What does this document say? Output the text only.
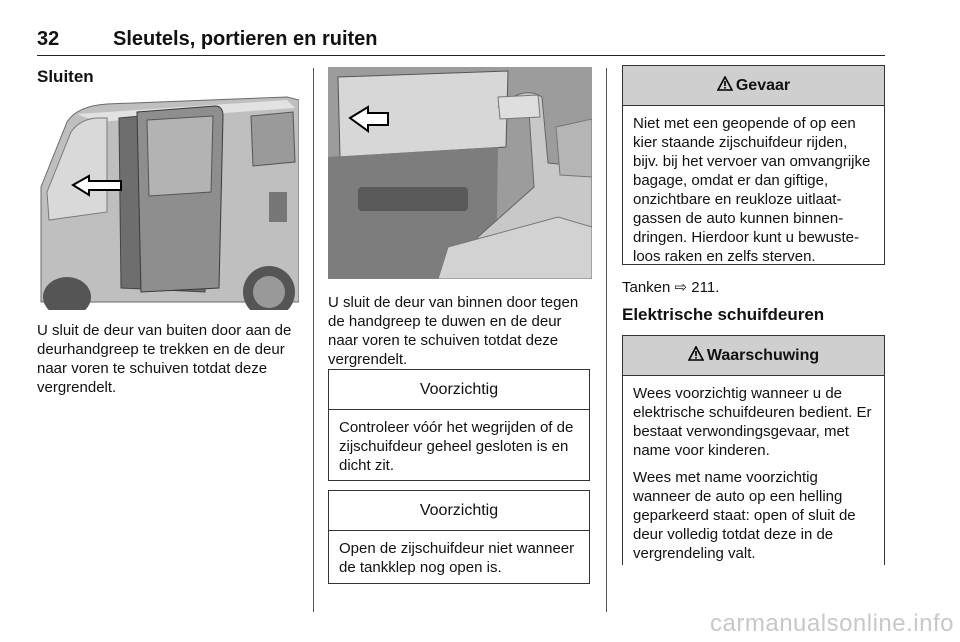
32	Sleutels, portieren en ruiten
Sluiten
U sluit de deur van buiten door aan de deurhandgreep te trekken en de deur naar voren te schuiven totdat deze vergrendelt.
U sluit de deur van binnen door tegen de handgreep te duwen en de deur naar voren te schuiven totdat deze vergrendelt.
Voorzichtig
Controleer vóór het wegrijden of de zijschuifdeur geheel gesloten is en dicht zit.
Voorzichtig
Open de zijschuifdeur niet wanneer de tankklep nog open is.
Gevaar
Niet met een geopende of op een kier staande zijschuifdeur rijden, bijv. bij het vervoer van omvangrijke bagage, omdat er dan giftige, onzichtbare en reukloze uitlaatgassen de auto kunnen binnendringen. Hierdoor kunt u bewusteloos raken en zelfs sterven.
Tanken ⇨ 211.
Elektrische schuifdeuren
Waarschuwing

Wees voorzichtig wanneer u de elektrische schuifdeuren bedient. Er bestaat verwondingsgevaar, met name voor kinderen.

Wees met name voorzichtig wanneer de auto op een helling geparkeerd staat: open of sluit de deur volledig totdat deze in de vergrendeling valt.

carmanualsonline.info
